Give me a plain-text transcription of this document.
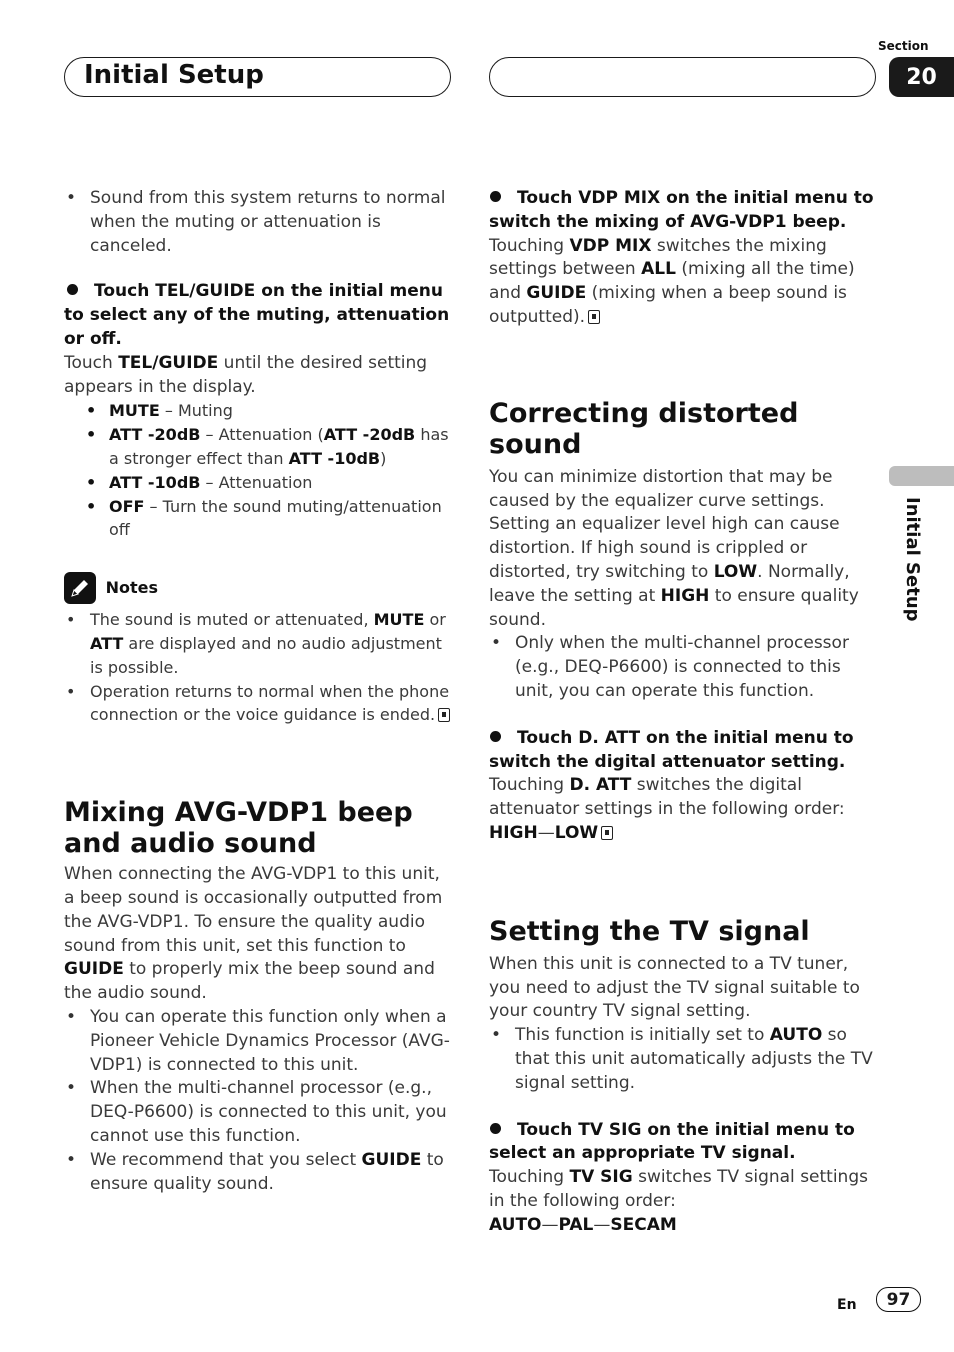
Initial Setup
Section
20
Initial Setup
• Sound from this system returns to normal when the muting or attenuation is canceled.

Touch TEL/GUIDE on the initial menu to select any of the muting, attenuation or off.

Touch TEL/GUIDE until the desired setting appears in the display.

• MUTE – Muting
• ATT -20dB – Attenuation (ATT -20dB has a stronger effect than ATT -10dB)
• ATT -10dB – Attenuation
• OFF – Turn the sound muting/attenuation off
Notes
• The sound is muted or attenuated, MUTE or ATT are displayed and no audio adjustment is possible.
• Operation returns to normal when the phone connection or the voice guidance is ended.
Mixing AVG-VDP1 beep and audio sound

When connecting the AVG-VDP1 to this unit, a beep sound is occasionally outputted from the AVG-VDP1. To ensure the quality audio sound from this unit, set this function to GUIDE to properly mix the beep sound and the audio sound.

• You can operate this function only when a Pioneer Vehicle Dynamics Processor (AVG-VDP1) is connected to this unit.
• When the multi-channel processor (e.g., DEQ-P6600) is connected to this unit, you cannot use this function.
• We recommend that you select GUIDE to ensure quality sound.

Touch VDP MIX on the initial menu to switch the mixing of AVG-VDP1 beep.

Touching VDP MIX switches the mixing settings between ALL (mixing all the time) and GUIDE (mixing when a beep sound is outputted).

Correcting distorted sound

You can minimize distortion that may be caused by the equalizer curve settings. Setting an equalizer level high can cause distortion. If high sound is crippled or distorted, try switching to LOW. Normally, leave the setting at HIGH to ensure quality sound.

• Only when the multi-channel processor (e.g., DEQ-P6600) is connected to this unit, you can operate this function.

Touch D. ATT on the initial menu to switch the digital attenuator setting.

Touching D. ATT switches the digital attenuator settings in the following order:

HIGH—LOW

Setting the TV signal

When this unit is connected to a TV tuner, you need to adjust the TV signal suitable to your country TV signal setting.

• This function is initially set to AUTO so that this unit automatically adjusts the TV signal setting.

Touch TV SIG on the initial menu to select an appropriate TV signal.

Touching TV SIG switches TV signal settings in the following order:

AUTO—PAL—SECAM

En	97
